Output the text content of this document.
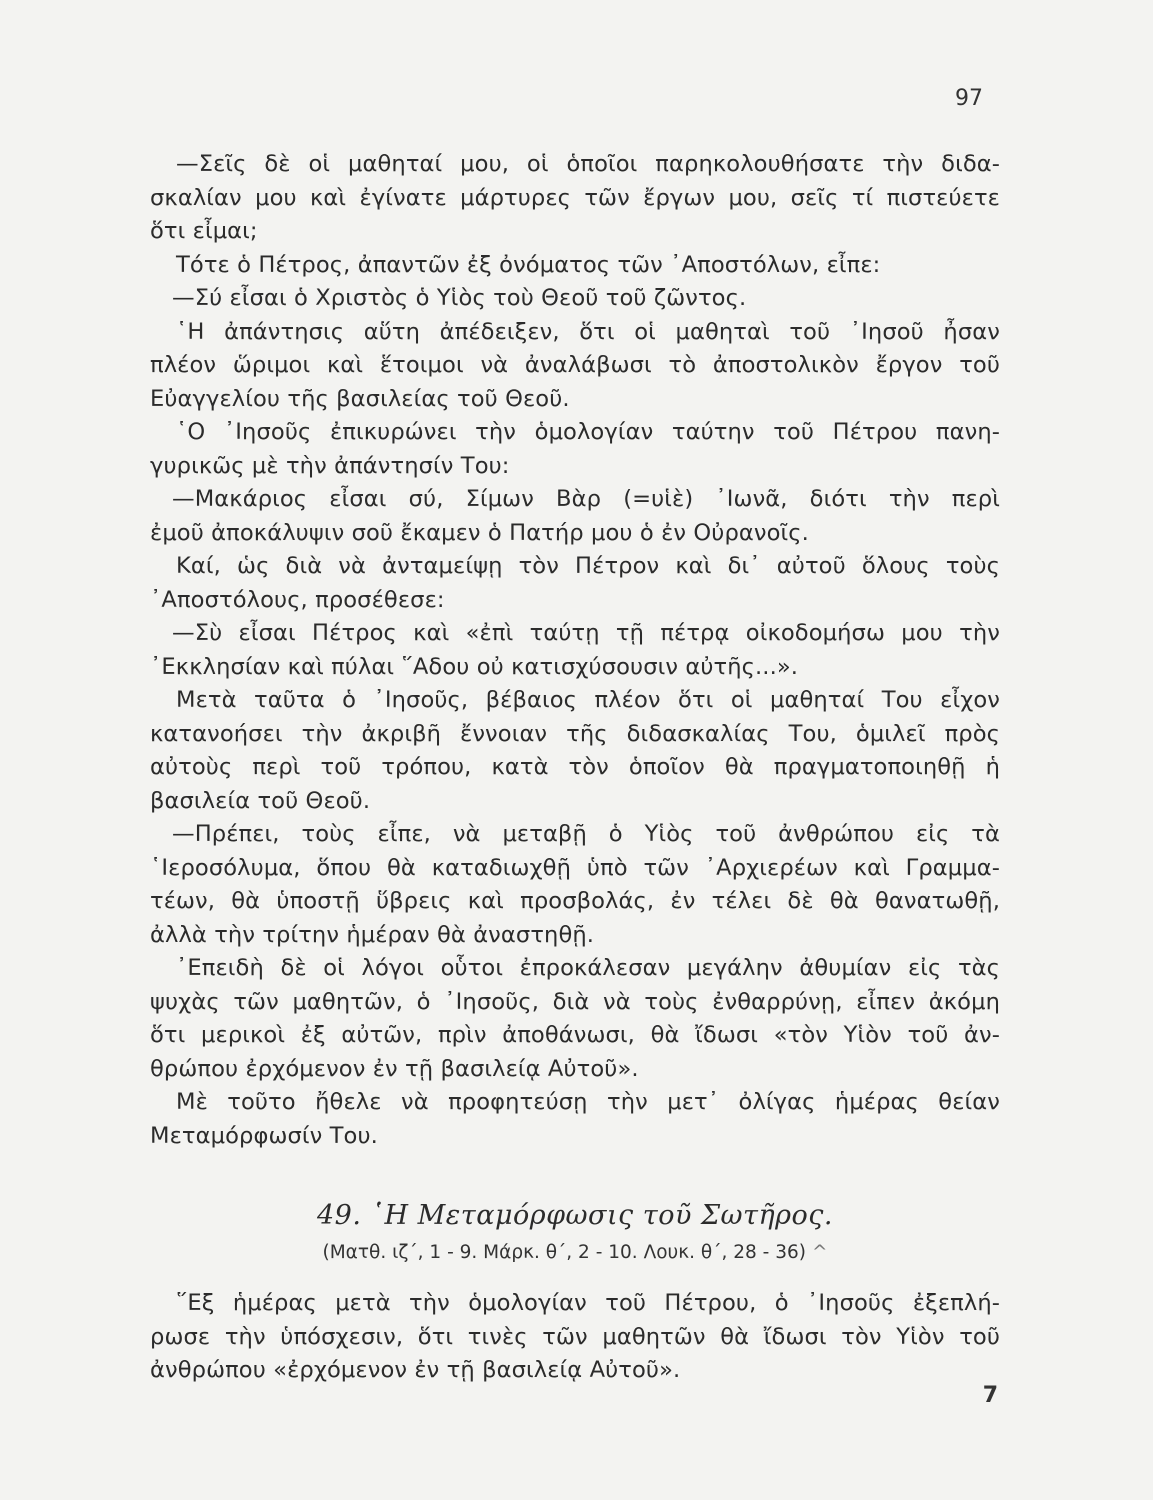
97
—Σεῖς δὲ οἱ μαθηταί μου, οἱ ὁποῖοι παρηκολουθήσατε τὴν διδα-
σκαλίαν μου καὶ ἐγίνατε μάρτυρες τῶν ἔργων μου, σεῖς τί πιστεύετε
ὅτι εἶμαι;
Τότε ὁ Πέτρος, ἀπαντῶν ἐξ ὀνόματος τῶν ᾿Αποστόλων, εἶπε:
—Σύ εἶσαι ὁ Χριστὸς ὁ Υἱὸς τοὺ Θεοῦ τοῦ ζῶντος.
῾Η ἀπάντησις αὕτη ἀπέδειξεν, ὅτι οἱ μαθηταὶ τοῦ ᾿Ιησοῦ ἦσαν
πλέον ὥριμοι καὶ ἕτοιμοι νὰ ἀναλάβωσι τὸ ἀποστολικὸν ἔργον τοῦ
Εὐαγγελίου τῆς βασιλείας τοῦ Θεοῦ.
῾Ο ᾿Ιησοῦς ἐπικυρώνει τὴν ὁμολογίαν ταύτην τοῦ Πέτρου πανη-
γυρικῶς μὲ τὴν ἀπάντησίν Του:
—Μακάριος εἶσαι σύ, Σίμων Βὰρ (=υἱὲ) ᾿Ιωνᾶ, διότι τὴν περὶ
ἐμοῦ ἀποκάλυψιν σοῦ ἔκαμεν ὁ Πατήρ μου ὁ ἐν Οὐρανοῖς.
Καί, ὡς διὰ νὰ ἀνταμείψῃ τὸν Πέτρον καὶ δι᾿ αὐτοῦ ὅλους τοὺς
᾿Αποστόλους, προσέθεσε:
—Σὺ εἶσαι Πέτρος καὶ «ἐπὶ ταύτῃ τῇ πέτρᾳ οἰκοδομήσω μου τὴν
᾿Εκκλησίαν καὶ πύλαι ῞Αδου οὐ κατισχύσουσιν αὐτῆς...».
Μετὰ ταῦτα ὁ ᾿Ιησοῦς, βέβαιος πλέον ὅτι οἱ μαθηταί Του εἶχον
κατανοήσει τὴν ἀκριβῆ ἔννοιαν τῆς διδασκαλίας Του, ὁμιλεῖ πρὸς
αὐτοὺς περὶ τοῦ τρόπου, κατὰ τὸν ὁποῖον θὰ πραγματοποιηθῇ ἡ
βασιλεία τοῦ Θεοῦ.
—Πρέπει, τοὺς εἶπε, νὰ μεταβῇ ὁ Υἱὸς τοῦ ἀνθρώπου εἰς τὰ
῾Ιεροσόλυμα, ὅπου θὰ καταδιωχθῇ ὑπὸ τῶν ᾿Αρχιερέων καὶ Γραμμα-
τέων, θὰ ὑποστῇ ὕβρεις καὶ προσβολάς, ἐν τέλει δὲ θὰ θανατωθῇ,
ἀλλὰ τὴν τρίτην ἡμέραν θὰ ἀναστηθῇ.
᾿Επειδὴ δὲ οἱ λόγοι οὗτοι ἐπροκάλεσαν μεγάλην ἀθυμίαν εἰς τὰς
ψυχὰς τῶν μαθητῶν, ὁ ᾿Ιησοῦς, διὰ νὰ τοὺς ἐνθαρρύνῃ, εἶπεν ἀκόμη
ὅτι μερικοὶ ἐξ αὐτῶν, πρὶν ἀποθάνωσι, θὰ ἴδωσι «τὸν Υἱὸν τοῦ ἀν-
θρώπου ἐρχόμενον ἐν τῇ βασιλείᾳ Αὐτοῦ».
Μὲ τοῦτο ἤθελε νὰ προφητεύσῃ τὴν μετ᾿ ὀλίγας ἡμέρας θείαν
Μεταμόρφωσίν Του.
49. ῾Η Μεταμόρφωσις τοῦ Σωτῆρος.
(Ματθ. ιζ΄, 1 - 9. Μάρκ. θ΄, 2 - 10. Λουκ. θ΄, 28 - 36) ^
῞Εξ ἡμέρας μετὰ τὴν ὁμολογίαν τοῦ Πέτρου, ὁ ᾿Ιησοῦς ἐξεπλή-
ρωσε τὴν ὑπόσχεσιν, ὅτι τινὲς τῶν μαθητῶν θὰ ἴδωσι τὸν Υἱὸν τοῦ
ἀνθρώπου «ἐρχόμενον ἐν τῇ βασιλείᾳ Αὐτοῦ».
7
